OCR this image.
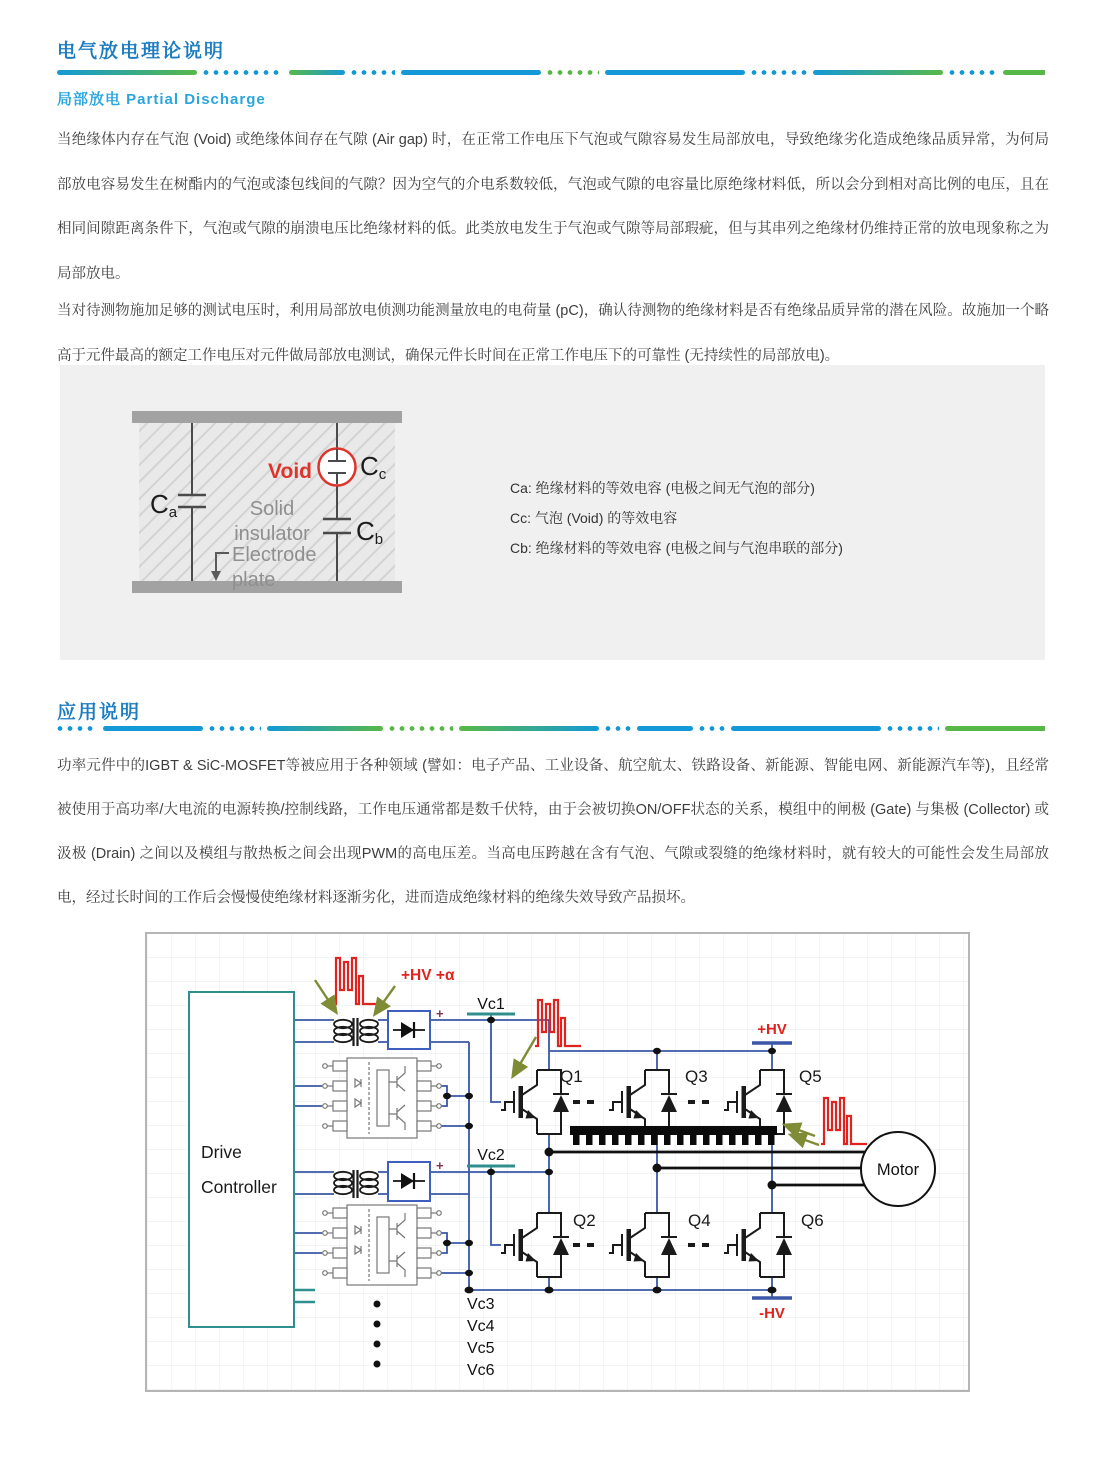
电气放电理论说明
局部放电 Partial Discharge
当绝缘体内存在气泡 (Void) 或绝缘体间存在气隙 (Air gap) 时，在正常工作电压下气泡或气隙容易发生局部放电，导致绝缘劣化造成绝缘品质异常，为何局部放电容易发生在树酯内的气泡或漆包线间的气隙？因为空气的介电系数较低，气泡或气隙的电容量比原绝缘材料低，所以会分到相对高比例的电压，且在相同间隙距离条件下，气泡或气隙的崩溃电压比绝缘材料的低。此类放电发生于气泡或气隙等局部瑕疵，但与其串列之绝缘材仍维持正常的放电现象称之为局部放电。
当对待测物施加足够的测试电压时，利用局部放电侦测功能测量放电的电荷量 (pC)，确认待测物的绝缘材料是否有绝缘品质异常的潜在风险。故施加一个略高于元件最高的额定工作电压对元件做局部放电测试，确保元件长时间在正常工作电压下的可靠性 (无持续性的局部放电)。
Void
Solid
insulator
Electrode
plate
Ca
Cc
Cb
Ca: 绝缘材料的等效电容 (电极之间无气泡的部分)
Cc: 气泡 (Void) 的等效电容
Cb: 绝缘材料的等效电容 (电极之间与气泡串联的部分)
应用说明
功率元件中的IGBT & SiC-MOSFET等被应用于各种领域 (譬如：电子产品、工业设备、航空航太、铁路设备、新能源、智能电网、新能源汽车等)，且经常被使用于高功率/大电流的电源转换/控制线路，工作电压通常都是数千伏特，由于会被切换ON/OFF状态的关系，模组中的闸极 (Gate) 与集极 (Collector) 或汲极 (Drain) 之间以及模组与散热板之间会出现PWM的高电压差。当高电压跨越在含有气泡、气隙或裂缝的绝缘材料时，就有较大的可能性会发生局部放电，经过长时间的工作后会慢慢使绝缘材料逐渐劣化，进而造成绝缘材料的绝缘失效导致产品损坏。
Motor
Drive
Controller
+HV +α
+
+
Vc1
Vc2
Vc3
Vc4
Vc5
Vc6
Q1	Q3	Q5
Q2	Q4	Q6
+HV
-HV
